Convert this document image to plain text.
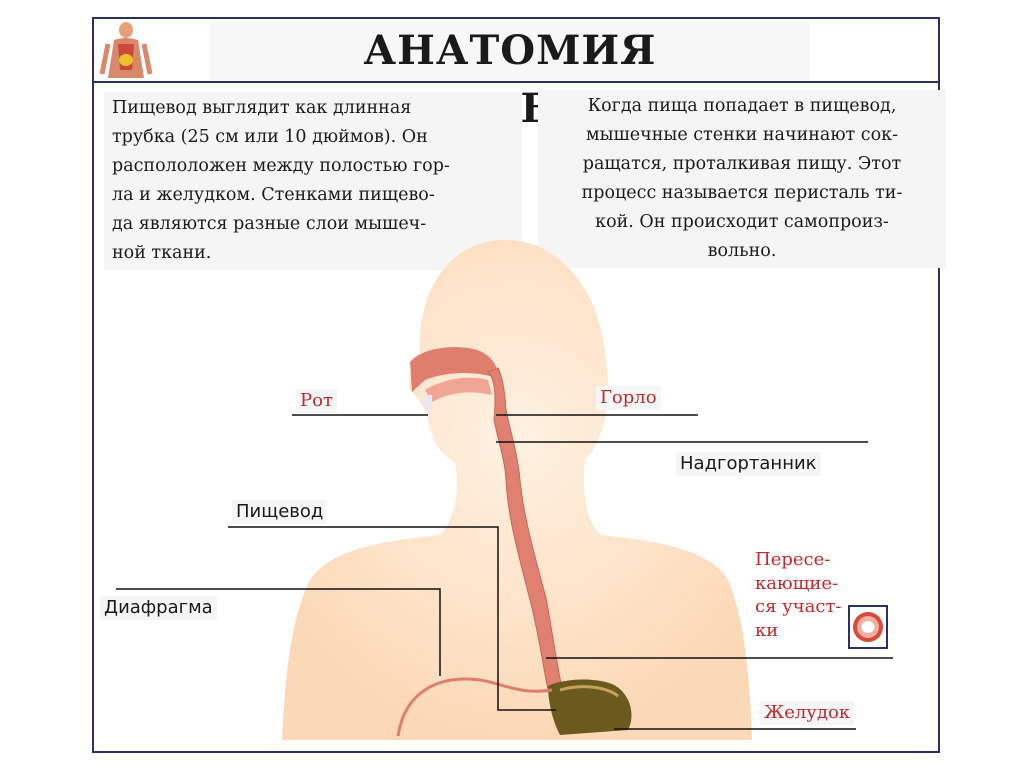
АНАТОМИЯ
Пищевод выглядит как длинная
трубка (25 см или 10 дюймов). Он
распололожен между полостью гор-
ла и желудком. Стенками пищево-
да являются разные слои мышеч-
ной ткани.
Когда пища попадает в пищевод,
мышечные стенки начинают сок-
ращатся, проталкивая пищу. Этот
процесс называется перисталь ти-
кой. Он происходит самопроиз-
вольно.
Рот	Горло
Надгортанник
Пищевод
Диафрагма
Пересе-
кающие-
ся участ-
ки
Желудок
